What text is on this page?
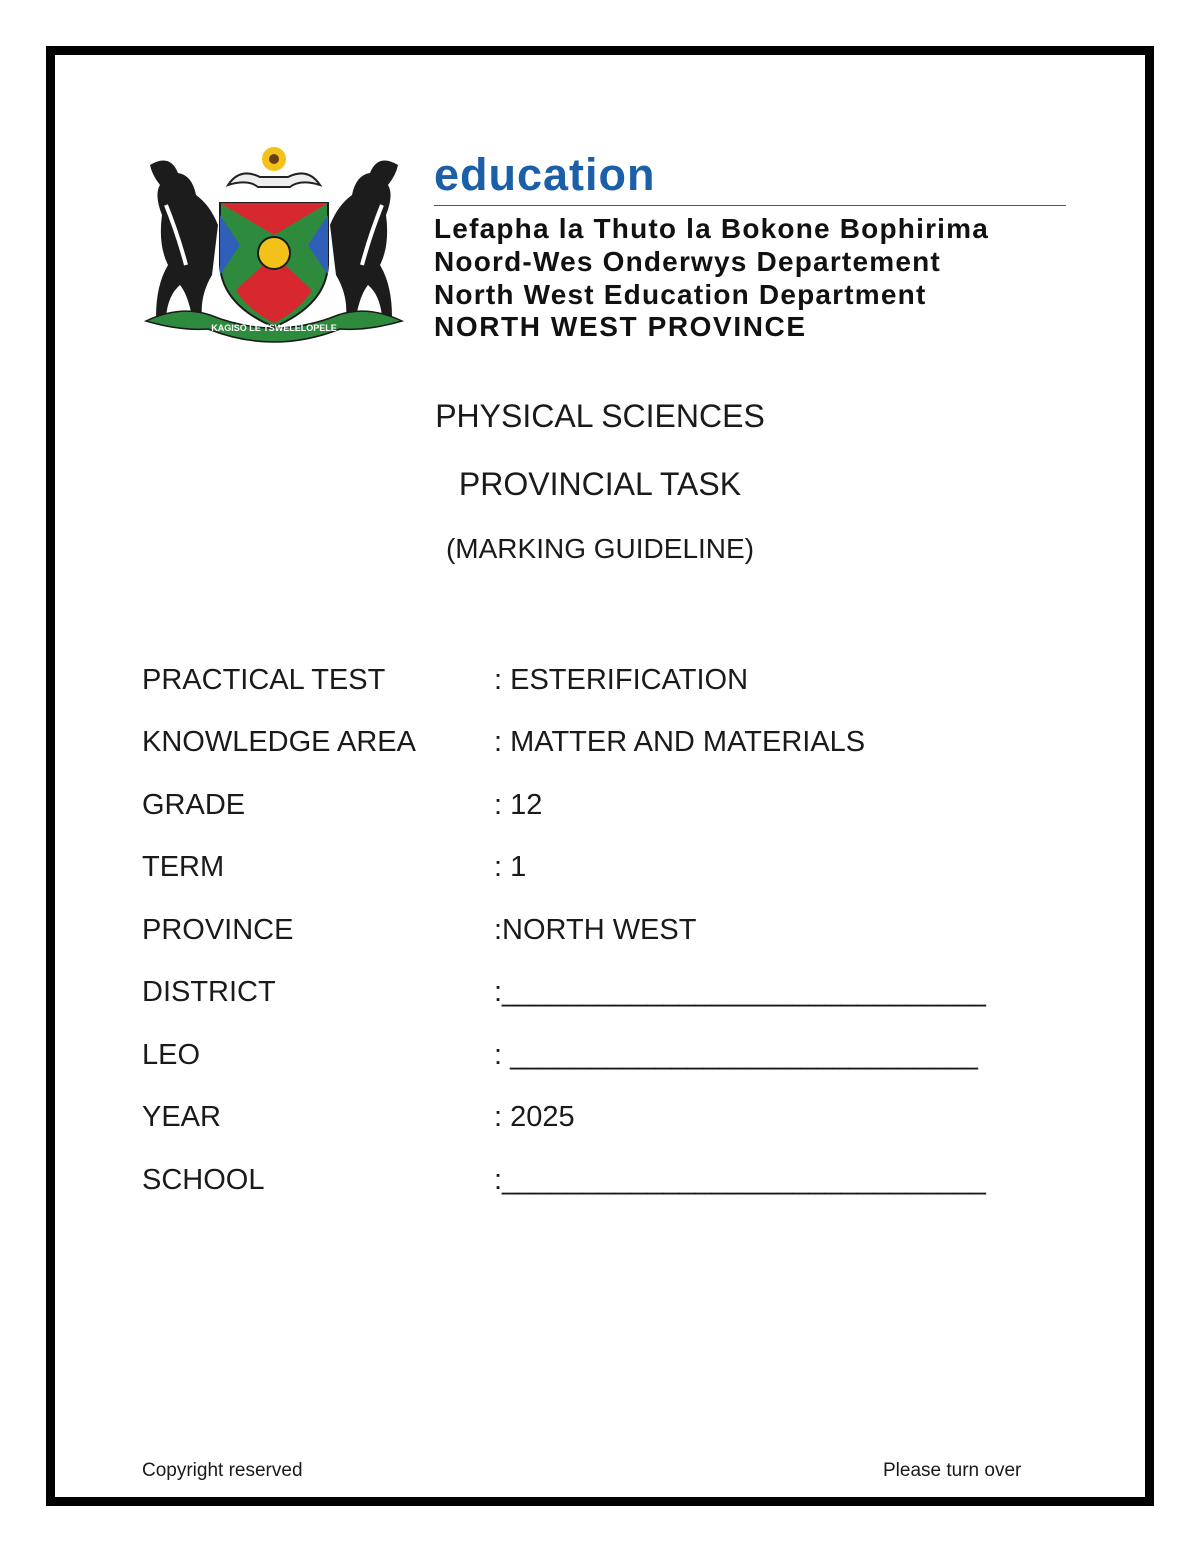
KAGISO LE TSWELELOPELE
education
Lefapha la Thuto la Bokone Bophirima
Noord-Wes Onderwys Departement
North West Education Department
NORTH WEST PROVINCE
PHYSICAL SCIENCES
PROVINCIAL TASK
(MARKING GUIDELINE)
PRACTICAL TEST	: ESTERIFICATION
KNOWLEDGE AREA	: MATTER AND MATERIALS
GRADE	: 12
TERM	: 1
PROVINCE	:NORTH WEST
DISTRICT	:______________________________
LEO	: _____________________________
YEAR	: 2025
SCHOOL	:______________________________
Copyright reserved	Please turn over
